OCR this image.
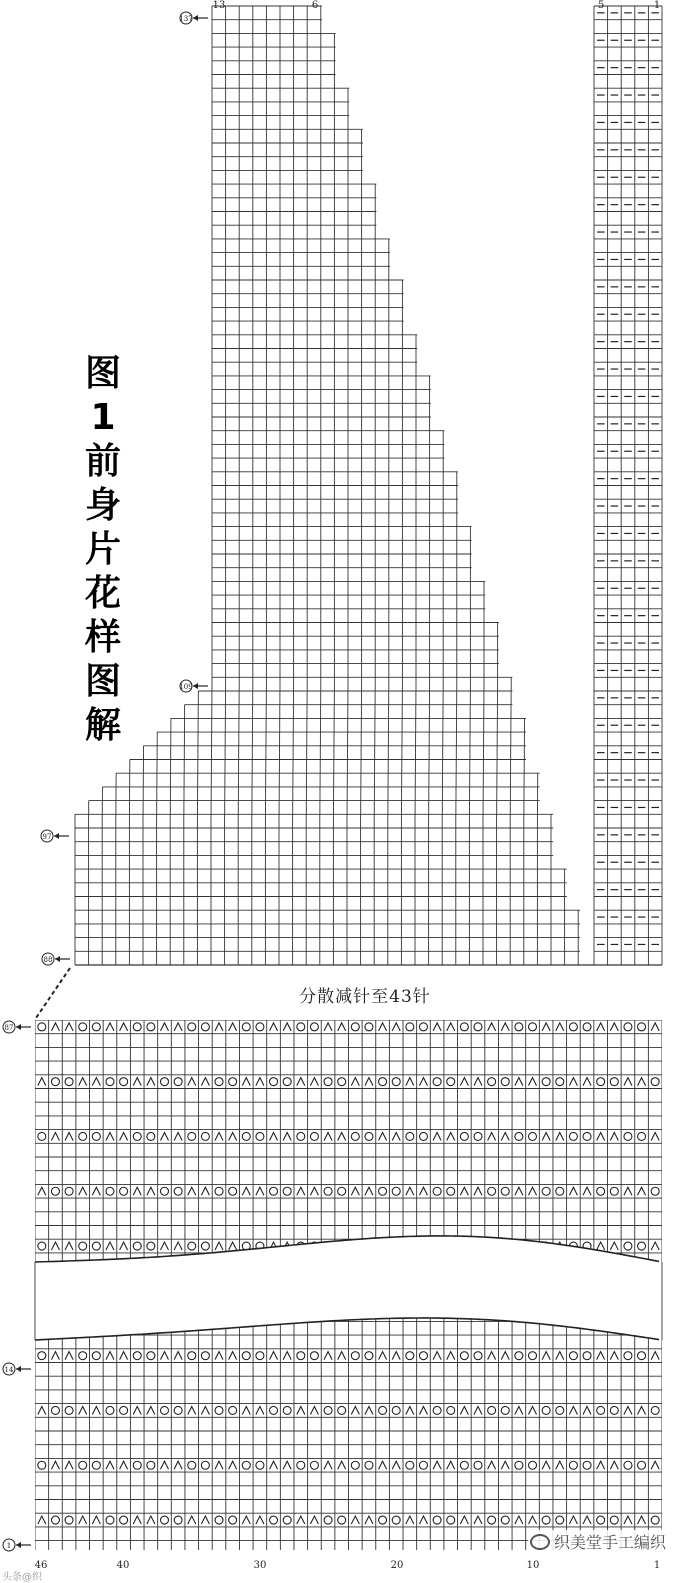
13	6	5	1
137
109
97
88
87
14
1
46	40	30	20	10	1
图1前身片花样图解
分散减针至43针
织美堂手工编织
头条@织
